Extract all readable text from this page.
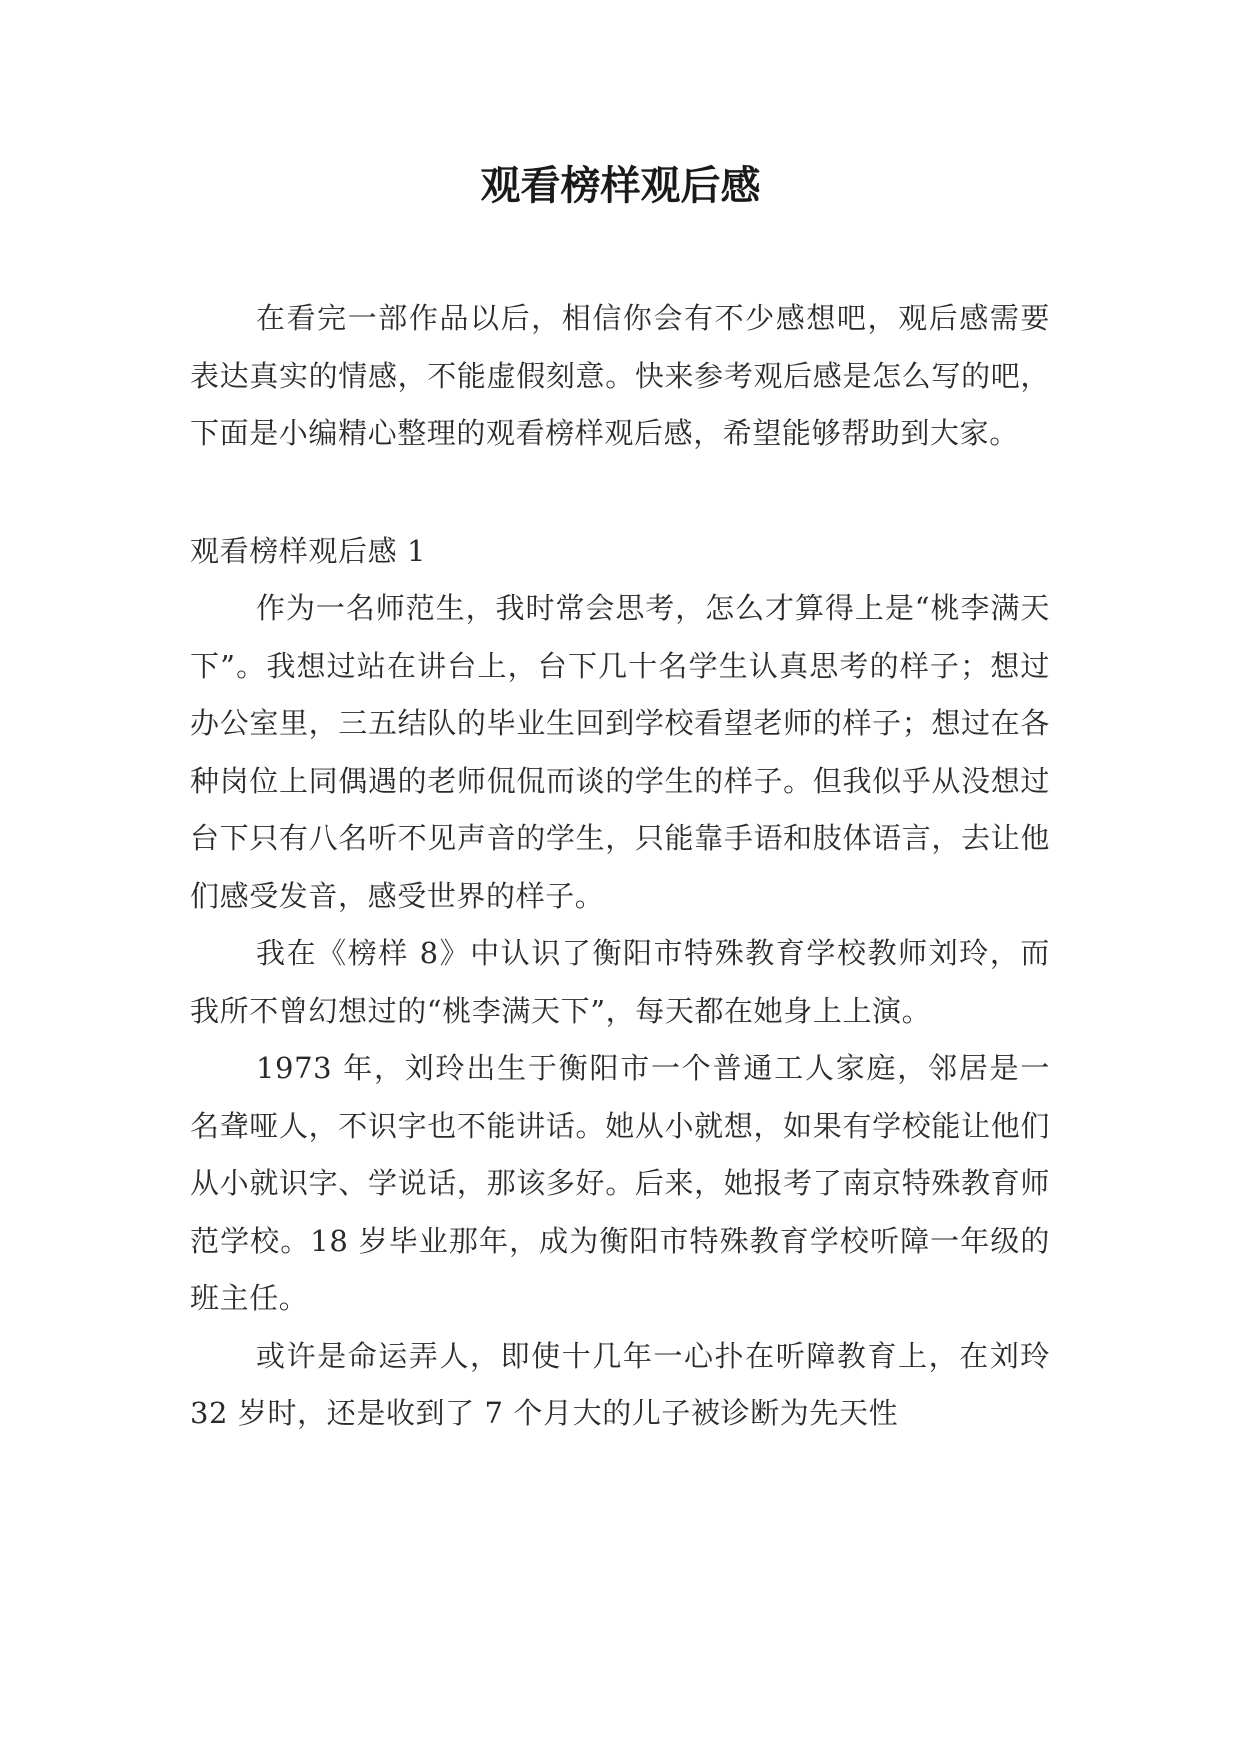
观看榜样观后感

在看完一部作品以后，相信你会有不少感想吧，观后感需要表达真实的情感，不能虚假刻意。快来参考观后感是怎么写的吧，下面是小编精心整理的观看榜样观后感，希望能够帮助到大家。

观看榜样观后感 1

作为一名师范生，我时常会思考，怎么才算得上是“桃李满天下”。我想过站在讲台上，台下几十名学生认真思考的样子；想过办公室里，三五结队的毕业生回到学校看望老师的样子；想过在各种岗位上同偶遇的老师侃侃而谈的学生的样子。但我似乎从没想过台下只有八名听不见声音的学生，只能靠手语和肢体语言，去让他们感受发音，感受世界的样子。

我在《榜样 8》中认识了衡阳市特殊教育学校教师刘玲，而我所不曾幻想过的“桃李满天下”，每天都在她身上上演。

1973 年，刘玲出生于衡阳市一个普通工人家庭，邻居是一名聋哑人，不识字也不能讲话。她从小就想，如果有学校能让他们从小就识字、学说话，那该多好。后来，她报考了南京特殊教育师范学校。18 岁毕业那年，成为衡阳市特殊教育学校听障一年级的班主任。

或许是命运弄人，即使十几年一心扑在听障教育上，在刘玲 32 岁时，还是收到了 7 个月大的儿子被诊断为先天性
